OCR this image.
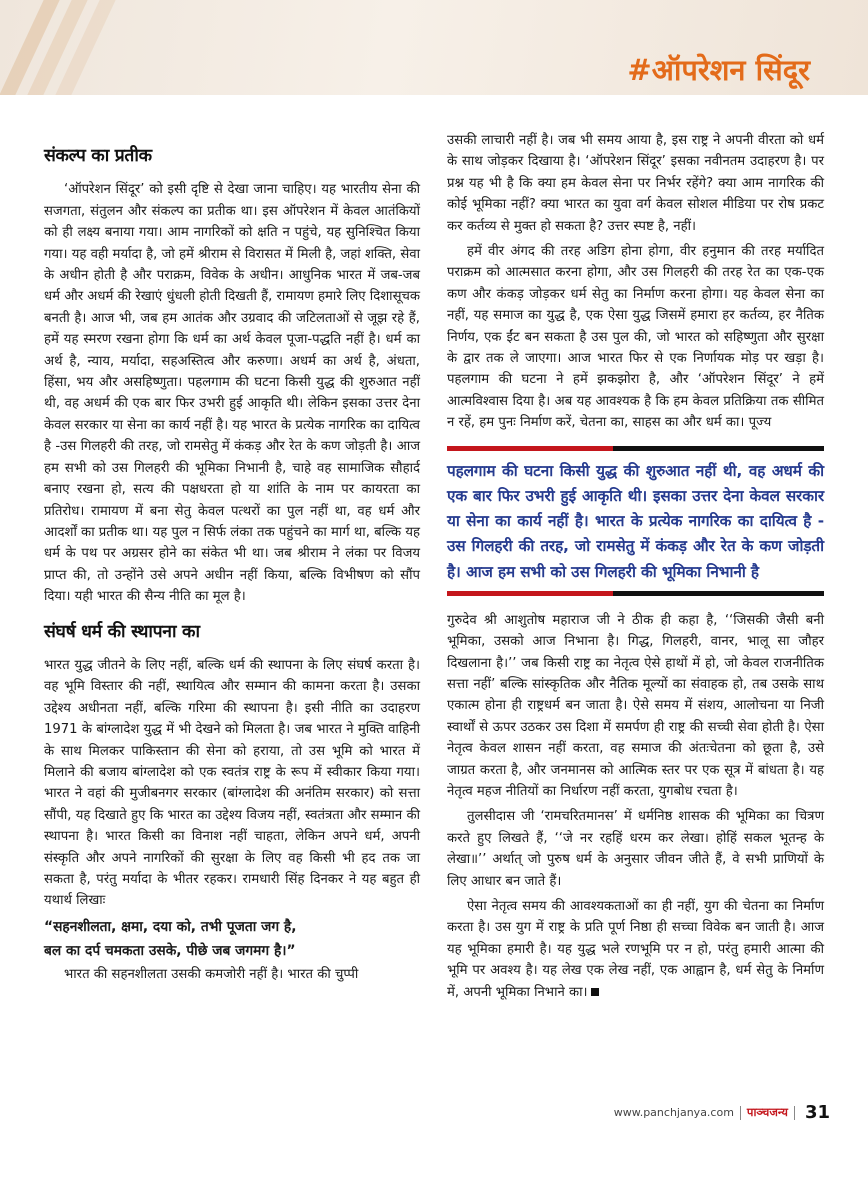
#ऑपरेशन सिंदूर
संकल्प का प्रतीक

‘ऑपरेशन सिंदूर’ को इसी दृष्टि से देखा जाना चाहिए। यह भारतीय सेना की सजगता, संतुलन और संकल्प का प्रतीक था। इस ऑपरेशन में केवल आतंकियों को ही लक्ष्य बनाया गया। आम नागरिकों को क्षति न पहुंचे, यह सुनिश्चित किया गया। यह वही मर्यादा है, जो हमें श्रीराम से विरासत में मिली है, जहां शक्ति, सेवा के अधीन होती है और पराक्रम, विवेक के अधीन। आधुनिक भारत में जब-जब धर्म और अधर्म की रेखाएं धुंधली होती दिखती हैं, रामायण हमारे लिए दिशासूचक बनती है। आज भी, जब हम आतंक और उग्रवाद की जटिलताओं से जूझ रहे हैं, हमें यह स्मरण रखना होगा कि धर्म का अर्थ केवल पूजा-पद्धति नहीं है। धर्म का अर्थ है, न्याय, मर्यादा, सहअस्तित्व और करुणा। अधर्म का अर्थ है, अंधता, हिंसा, भय और असहिष्णुता। पहलगाम की घटना किसी युद्ध की शुरुआत नहीं थी, वह अधर्म की एक बार फिर उभरी हुई आकृति थी। लेकिन इसका उत्तर देना केवल सरकार या सेना का कार्य नहीं है। यह भारत के प्रत्येक नागरिक का दायित्व है -उस गिलहरी की तरह, जो रामसेतु में कंकड़ और रेत के कण जोड़ती है। आज हम सभी को उस गिलहरी की भूमिका निभानी है, चाहे वह सामाजिक सौहार्द बनाए रखना हो, सत्य की पक्षधरता हो या शांति के नाम पर कायरता का प्रतिरोध। रामायण में बना सेतु केवल पत्थरों का पुल नहीं था, वह धर्म और आदर्शों का प्रतीक था। यह पुल न सिर्फ लंका तक पहुंचने का मार्ग था, बल्कि यह धर्म के पथ पर अग्रसर होने का संकेत भी था। जब श्रीराम ने लंका पर विजय प्राप्त की, तो उन्होंने उसे अपने अधीन नहीं किया, बल्कि विभीषण को सौंप दिया। यही भारत की सैन्य नीति का मूल है।

संघर्ष धर्म की स्थापना का

भारत युद्ध जीतने के लिए नहीं, बल्कि धर्म की स्थापना के लिए संघर्ष करता है। वह भूमि विस्तार की नहीं, स्थायित्व और सम्मान की कामना करता है। उसका उद्देश्य अधीनता नहीं, बल्कि गरिमा की स्थापना है। इसी नीति का उदाहरण 1971 के बांग्लादेश युद्ध में भी देखने को मिलता है। जब भारत ने मुक्ति वाहिनी के साथ मिलकर पाकिस्तान की सेना को हराया, तो उस भूमि को भारत में मिलाने की बजाय बांग्लादेश को एक स्वतंत्र राष्ट्र के रूप में स्वीकार किया गया। भारत ने वहां की मुजीबनगर सरकार (बांग्लादेश की अनंतिम सरकार) को सत्ता सौंपी, यह दिखाते हुए कि भारत का उद्देश्य विजय नहीं, स्वतंत्रता और सम्मान की स्थापना है। भारत किसी का विनाश नहीं चाहता, लेकिन अपने धर्म, अपनी संस्कृति और अपने नागरिकों की सुरक्षा के लिए वह किसी भी हद तक जा सकता है, परंतु मर्यादा के भीतर रहकर। रामधारी सिंह दिनकर ने यह बहुत ही यथार्थ लिखाः

“सहनशीलता, क्षमा, दया को, तभी पूजता जग है,
बल का दर्प चमकता उसके, पीछे जब जगमग है।”

भारत की सहनशीलता उसकी कमजोरी नहीं है। भारत की चुप्पी

उसकी लाचारी नहीं है। जब भी समय आया है, इस राष्ट्र ने अपनी वीरता को धर्म के साथ जोड़कर दिखाया है। ‘ऑपरेशन सिंदूर’ इसका नवीनतम उदाहरण है। पर प्रश्न यह भी है कि क्या हम केवल सेना पर निर्भर रहेंगे? क्या आम नागरिक की कोई भूमिका नहीं? क्या भारत का युवा वर्ग केवल सोशल मीडिया पर रोष प्रकट कर कर्तव्य से मुक्त हो सकता है? उत्तर स्पष्ट है, नहीं।

हमें वीर अंगद की तरह अडिग होना होगा, वीर हनुमान की तरह मर्यादित पराक्रम को आत्मसात करना होगा, और उस गिलहरी की तरह रेत का एक-एक कण और कंकड़ जोड़कर धर्म सेतु का निर्माण करना होगा। यह केवल सेना का नहीं, यह समाज का युद्ध है, एक ऐसा युद्ध जिसमें हमारा हर कर्तव्य, हर नैतिक निर्णय, एक ईंट बन सकता है उस पुल की, जो भारत को सहिष्णुता और सुरक्षा के द्वार तक ले जाएगा। आज भारत फिर से एक निर्णायक मोड़ पर खड़ा है। पहलगाम की घटना ने हमें झकझोरा है, और ‘ऑपरेशन सिंदूर’ ने हमें आत्मविश्वास दिया है। अब यह आवश्यक है कि हम केवल प्रतिक्रिया तक सीमित न रहें, हम पुनः निर्माण करें, चेतना का, साहस का और धर्म का। पूज्य

पहलगाम की घटना किसी युद्ध की शुरुआत नहीं थी, वह अधर्म की एक बार फिर उभरी हुई आकृति थी। इसका उत्तर देना केवल सरकार या सेना का कार्य नहीं है। भारत के प्रत्येक नागरिक का दायित्व है - उस गिलहरी की तरह, जो रामसेतु में कंकड़ और रेत के कण जोड़ती है। आज हम सभी को उस गिलहरी की भूमिका निभानी है

गुरुदेव श्री आशुतोष महाराज जी ने ठीक ही कहा है, ‘‘जिसकी जैसी बनी भूमिका, उसको आज निभाना है। गिद्ध, गिलहरी, वानर, भालू सा जौहर दिखलाना है।’’ जब किसी राष्ट्र का नेतृत्व ऐसे हाथों में हो, जो केवल राजनीतिक सत्ता नहीं’ बल्कि सांस्कृतिक और नैतिक मूल्यों का संवाहक हो, तब उसके साथ एकात्म होना ही राष्ट्रधर्म बन जाता है। ऐसे समय में संशय, आलोचना या निजी स्वार्थों से ऊपर उठकर उस दिशा में समर्पण ही राष्ट्र की सच्ची सेवा होती है। ऐसा नेतृत्व केवल शासन नहीं करता, वह समाज की अंतःचेतना को छूता है, उसे जाग्रत करता है, और जनमानस को आत्मिक स्तर पर एक सूत्र में बांधता है। यह नेतृत्व महज नीतियों का निर्धारण नहीं करता, युगबोध रचता है।

तुलसीदास जी ‘रामचरितमानस’ में धर्मनिष्ठ शासक की भूमिका का चित्रण करते हुए लिखते हैं, ‘‘जे नर रहहिं धरम कर लेखा। होहिं सकल भूतन्ह के लेखा॥’’ अर्थात् जो पुरुष धर्म के अनुसार जीवन जीते हैं, वे सभी प्राणियों के लिए आधार बन जाते हैं।

ऐसा नेतृत्व समय की आवश्यकताओं का ही नहीं, युग की चेतना का निर्माण करता है। उस युग में राष्ट्र के प्रति पूर्ण निष्ठा ही सच्चा विवेक बन जाती है। आज यह भूमिका हमारी है। यह युद्ध भले रणभूमि पर न हो, परंतु हमारी आत्मा की भूमि पर अवश्य है। यह लेख एक लेख नहीं, एक आह्वान है, धर्म सेतु के निर्माण में, अपनी भूमिका निभाने का।

www.panchjanya.com पाञ्चजन्य 31
